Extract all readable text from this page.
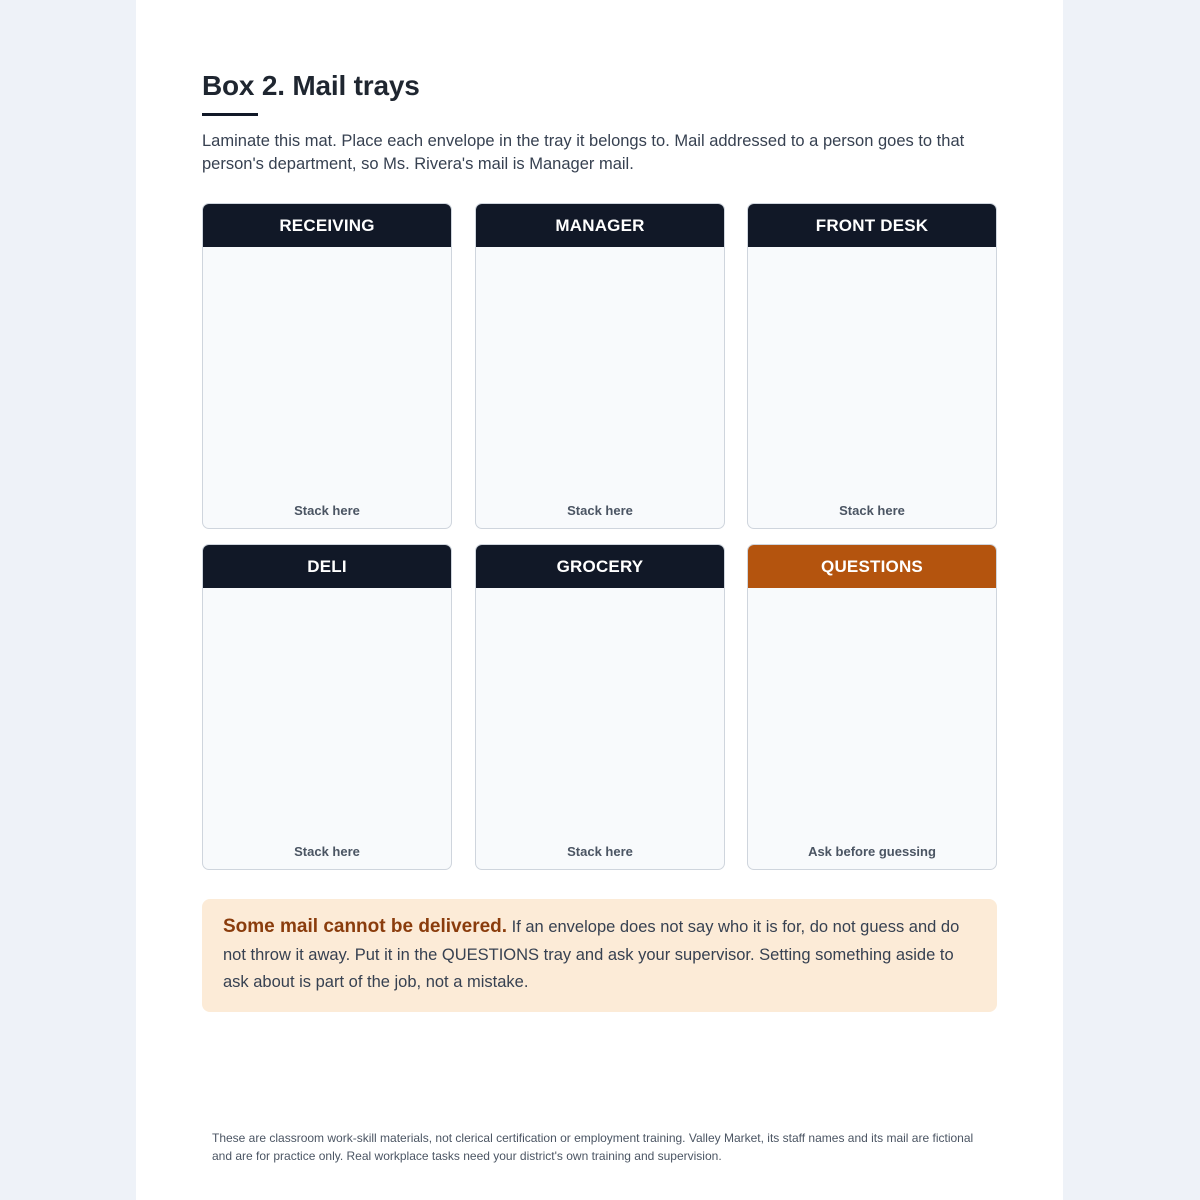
Box 2. Mail trays

Laminate this mat. Place each envelope in the tray it belongs to. Mail addressed to a person goes to that person's department, so Ms. Rivera's mail is Manager mail.

RECEIVING
Stack here
MANAGER
Stack here
FRONT DESK
Stack here
DELI
Stack here
GROCERY
Stack here
QUESTIONS
Ask before guessing
Some mail cannot be delivered. If an envelope does not say who it is for, do not guess and do not throw it away. Put it in the QUESTIONS tray and ask your supervisor. Setting something aside to ask about is part of the job, not a mistake.

These are classroom work-skill materials, not clerical certification or employment training. Valley Market, its staff names and its mail are fictional and are for practice only. Real workplace tasks need your district's own training and supervision.
